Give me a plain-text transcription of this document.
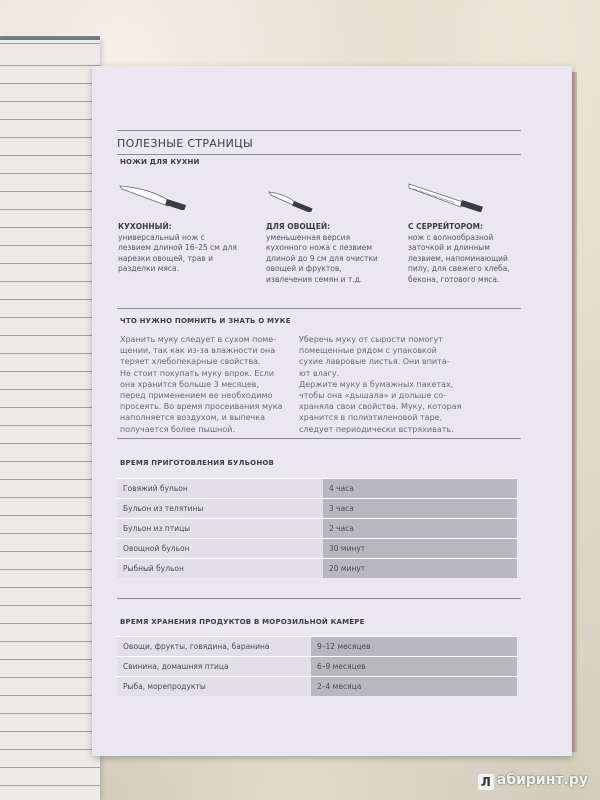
ПОЛЕЗНЫЕ СТРАНИЦЫ
НОЖИ ДЛЯ КУХНИ
КУХОННЫЙ:
универсальный нож с лезвием длиной 16–25 см для нарезки овощей, трав и разделки мяса.
ДЛЯ ОВОЩЕЙ:
уменьшенная версия кухонного ножа с лезвием длиной до 9 см для очистки овощей и фруктов, извлечения семян и т.д.
С СЕРРЕЙТОРОМ:
нож с волнообразной заточкой и длинным лезвием, напоминающий пилу, для свежего хлеба, бекона, готового мяса.
ЧТО НУЖНО ПОМНИТЬ И ЗНАТЬ О МУКЕ
Хранить муку следует в сухом поме-
щении, так как из-за влажности она
теряет хлебопекарные свойства.
Не стоит покупать муку впрок. Если
она хранится больше 3 месяцев,
перед применением ее необходимо
просеять. Во время просеивания мука
наполняется воздухом, и выпечка
получается более пышной.
Уберечь муку от сырости помогут
помещенные рядом с упаковкой
сухие лавровые листья. Они впита-
ют влагу.
Держите муку в бумажных пакетах,
чтобы она «дышала» и дольше со-
храняла свои свойства. Муку, которая
хранится в полиэтиленовой таре,
следует периодически встряхивать.
ВРЕМЯ ПРИГОТОВЛЕНИЯ БУЛЬОНОВ
Говяжий бульон	4 часа
Бульон из телятины	3 часа
Бульон из птицы	2 часа
Овощной бульон	30 минут
Рыбный бульон	20 минут
ВРЕМЯ ХРАНЕНИЯ ПРОДУКТОВ В МОРОЗИЛЬНОЙ КАМЕРЕ
Овощи, фрукты, говядина, баранина	9–12 месяцев
Свинина, домашняя птица	6–9 месяцев
Рыба, морепродукты	2–4 месяца
Л абиринт.ру
